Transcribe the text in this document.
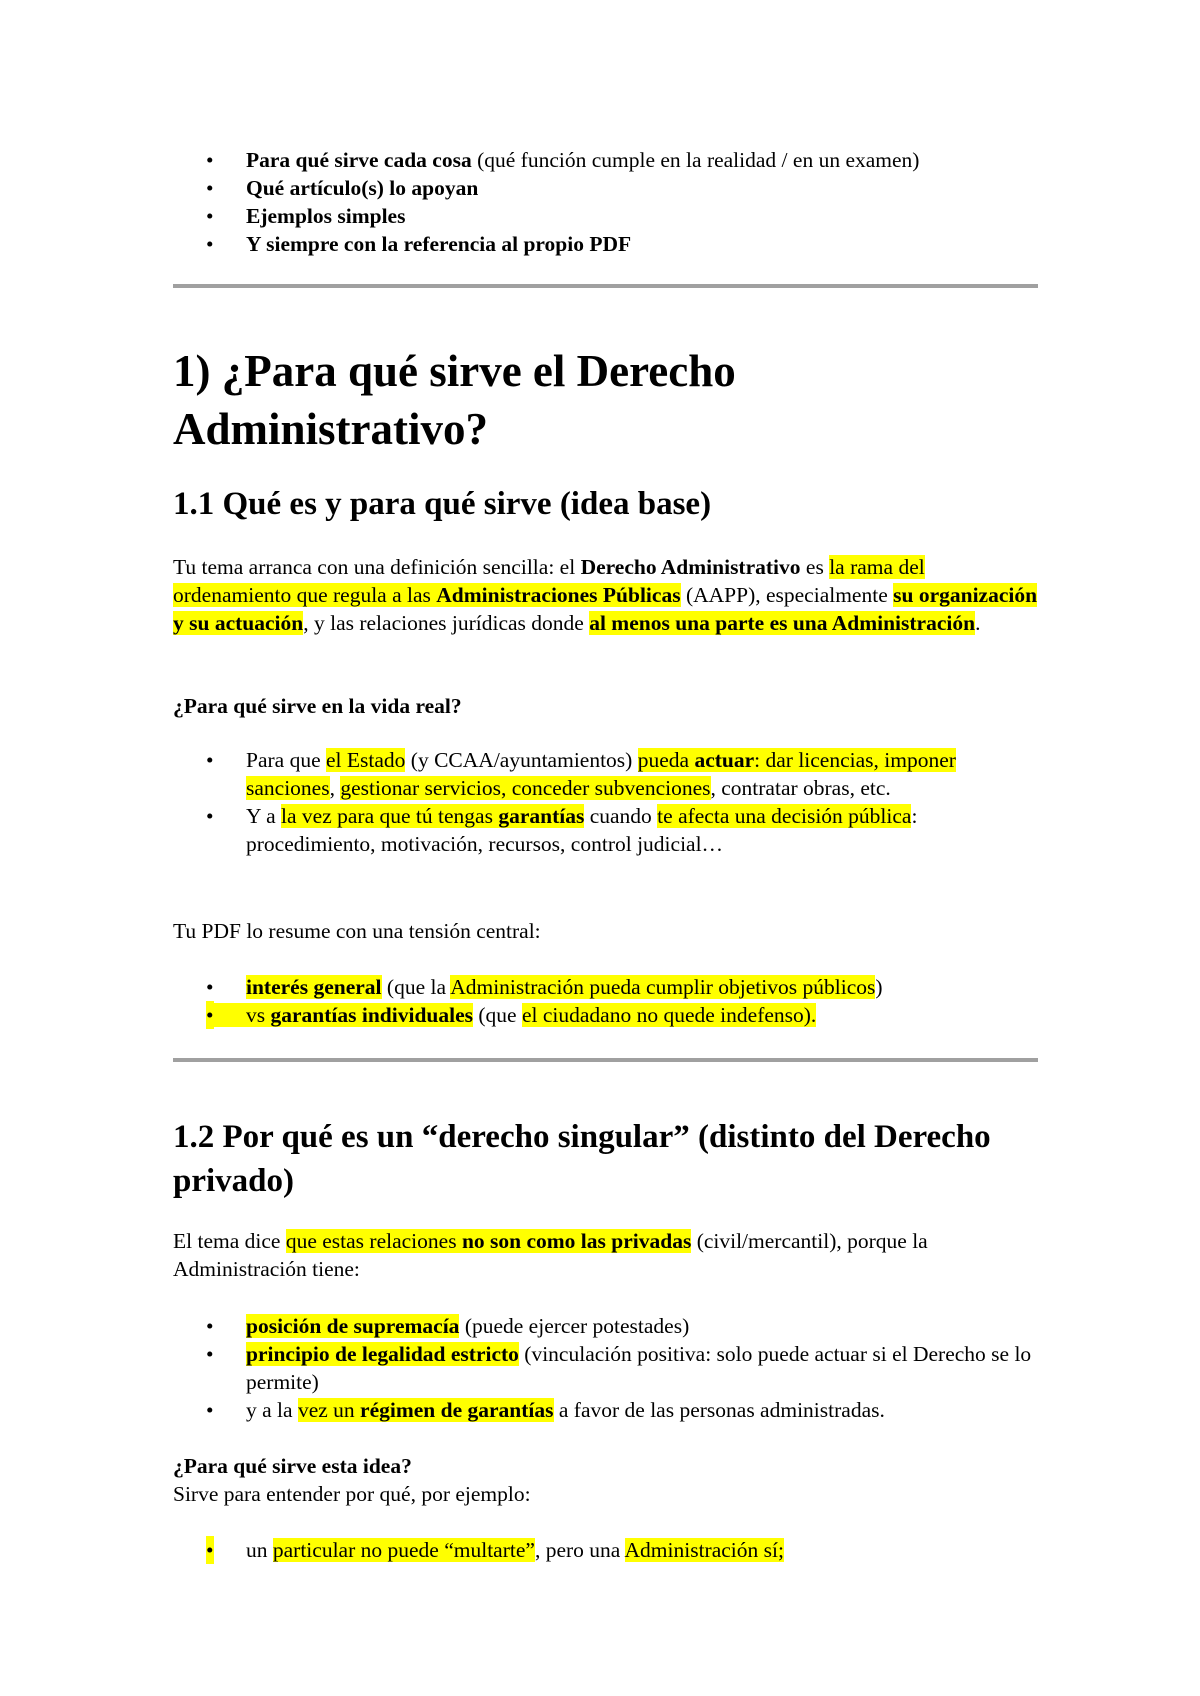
• Para qué sirve cada cosa (qué función cumple en la realidad / en un examen)
• Qué artículo(s) lo apoyan
• Ejemplos simples
• Y siempre con la referencia al propio PDF
1) ¿Para qué sirve el Derecho Administrativo?
1.1 Qué es y para qué sirve (idea base)

Tu tema arranca con una definición sencilla: el Derecho Administrativo es la rama del ordenamiento que regula a las Administraciones Públicas (AAPP), especialmente su organización y su actuación, y las relaciones jurídicas donde al menos una parte es una Administración.

¿Para qué sirve en la vida real?

• Para que el Estado (y CCAA/ayuntamientos) pueda actuar: dar licencias, imponer sanciones, gestionar servicios, conceder subvenciones, contratar obras, etc.
• Y a la vez para que tú tengas garantías cuando te afecta una decisión pública: procedimiento, motivación, recursos, control judicial…

Tu PDF lo resume con una tensión central:

• interés general (que la Administración pueda cumplir objetivos públicos)
• vs garantías individuales (que el ciudadano no quede indefenso).
1.2 Por qué es un “derecho singular” (distinto del Derecho privado)

El tema dice que estas relaciones no son como las privadas (civil/mercantil), porque la Administración tiene:

• posición de supremacía (puede ejercer potestades)
• principio de legalidad estricto (vinculación positiva: solo puede actuar si el Derecho se lo permite)
• y a la vez un régimen de garantías a favor de las personas administradas.

¿Para qué sirve esta idea?

Sirve para entender por qué, por ejemplo:

• un particular no puede “multarte”, pero una Administración sí;
